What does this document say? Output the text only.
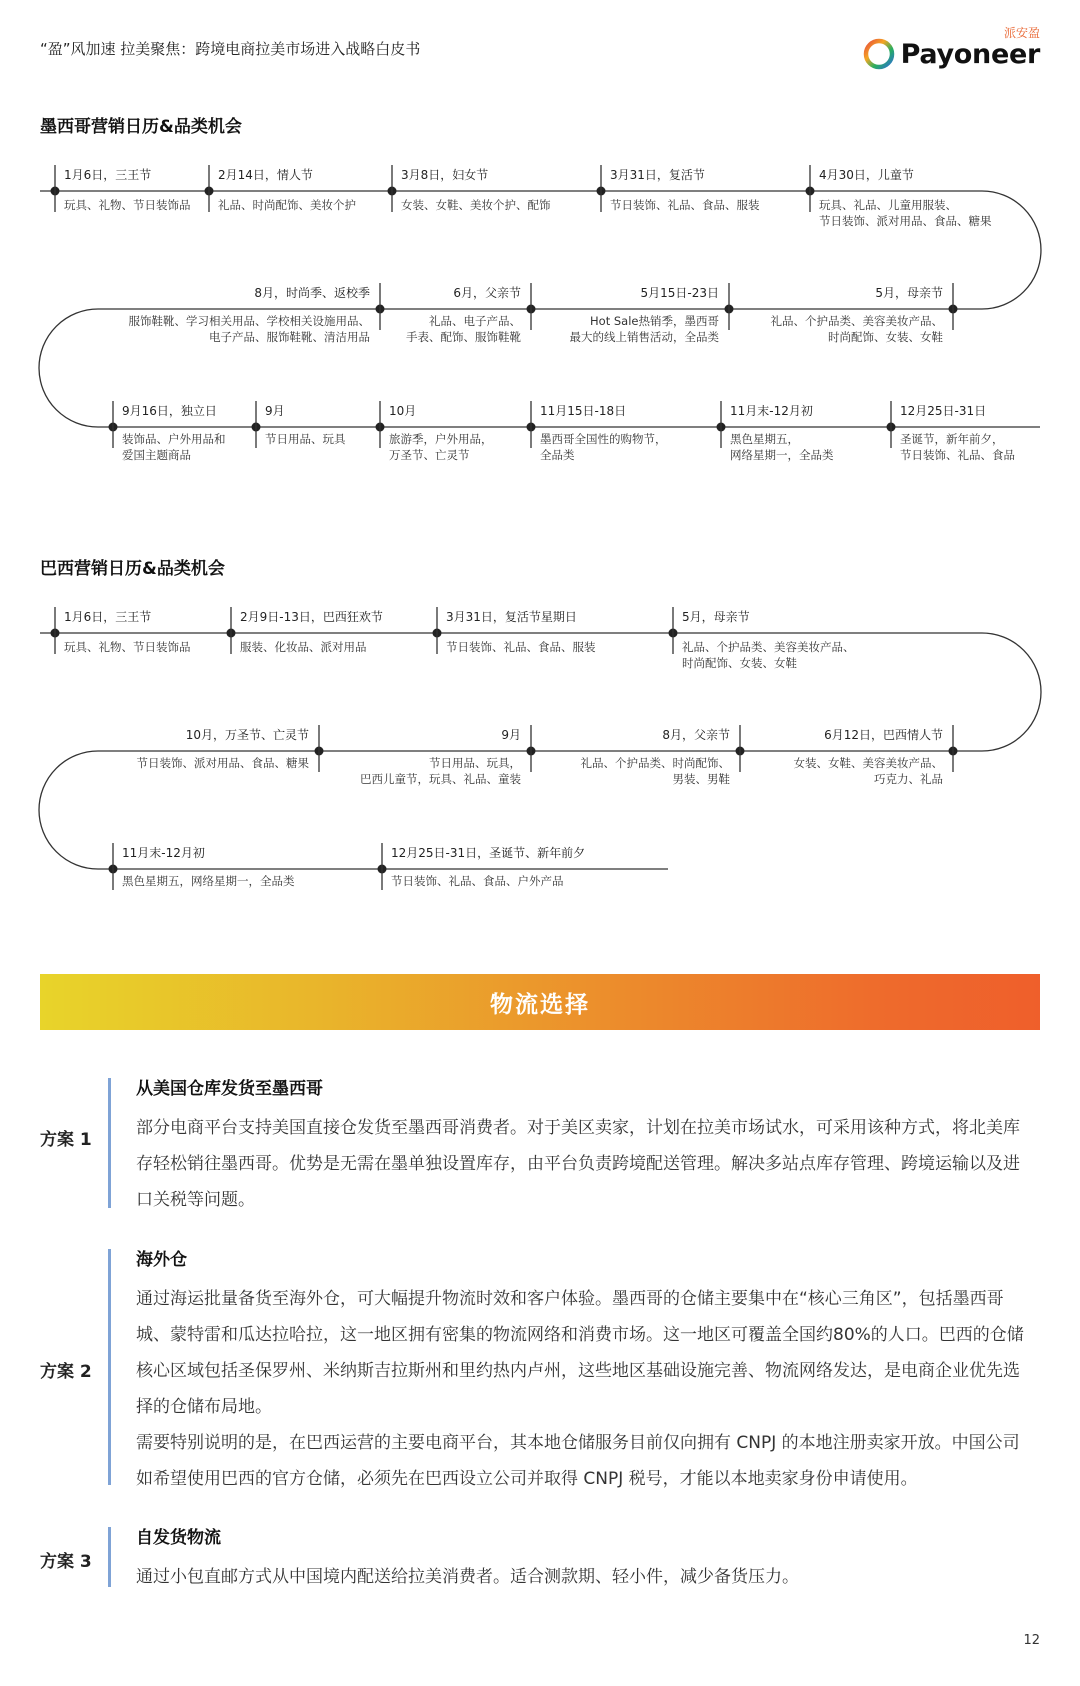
“盈”风加速 拉美聚焦：跨境电商拉美市场进入战略白皮书
派安盈
Payoneer
墨西哥营销日历&品类机会
1月6日，三王节
玩具、礼物、节日装饰品
2月14日，情人节
礼品、时尚配饰、美妆个护
3月8日，妇女节
女装、女鞋、美妆个护、配饰
3月31日，复活节
节日装饰、礼品、食品、服装
4月30日，儿童节
玩具、礼品、儿童用服装、
节日装饰、派对用品、食品、糖果
8月，时尚季、返校季
服饰鞋靴、学习相关用品、学校相关设施用品、
电子产品、服饰鞋靴、清洁用品
6月，父亲节
礼品、电子产品、
手表、配饰、服饰鞋靴
5月15日-23日
Hot Sale热销季，墨西哥
最大的线上销售活动，全品类
5月，母亲节
礼品、个护品类、美容美妆产品、
时尚配饰、女装、女鞋
9月16日，独立日
装饰品、户外用品和
爱国主题商品
9月
节日用品、玩具
10月
旅游季，户外用品，
万圣节、亡灵节
11月15日-18日
墨西哥全国性的购物节，
全品类
11月末-12月初
黑色星期五，
网络星期一，全品类
12月25日-31日
圣诞节，新年前夕，
节日装饰、礼品、食品
巴西营销日历&品类机会
1月6日，三王节
玩具、礼物、节日装饰品
2月9日-13日，巴西狂欢节
服装、化妆品、派对用品
3月31日，复活节星期日
节日装饰、礼品、食品、服装
5月，母亲节
礼品、个护品类、美容美妆产品、
时尚配饰、女装、女鞋
10月，万圣节、亡灵节
节日装饰、派对用品、食品、糖果
9月
节日用品、玩具，
巴西儿童节，玩具、礼品、童装
8月，父亲节
礼品、个护品类、时尚配饰、
男装、男鞋
6月12日，巴西情人节
女装、女鞋、美容美妆产品、
巧克力、礼品
11月末-12月初
黑色星期五，网络星期一，全品类
12月25日-31日，圣诞节、新年前夕
节日装饰、礼品、食品、户外产品
物流选择
方案 1

从美国仓库发货至墨西哥

部分电商平台支持美国直接仓发货至墨西哥消费者。对于美区卖家，计划在拉美市场试水，可采用该种方式，将北美库存轻松销往墨西哥。优势是无需在墨单独设置库存，由平台负责跨境配送管理。解决多站点库存管理、跨境运输以及进口关税等问题。

方案 2

海外仓

通过海运批量备货至海外仓，可大幅提升物流时效和客户体验。墨西哥的仓储主要集中在“核心三角区”，包括墨西哥城、蒙特雷和瓜达拉哈拉，这一地区拥有密集的物流网络和消费市场。这一地区可覆盖全国约80%的人口。巴西的仓储核心区域包括圣保罗州、米纳斯吉拉斯州和里约热内卢州，这些地区基础设施完善、物流网络发达，是电商企业优先选择的仓储布局地。

需要特别说明的是，在巴西运营的主要电商平台，其本地仓储服务目前仅向拥有 CNPJ 的本地注册卖家开放。中国公司如希望使用巴西的官方仓储，必须先在巴西设立公司并取得 CNPJ 税号，才能以本地卖家身份申请使用。

方案 3

自发货物流

通过小包直邮方式从中国境内配送给拉美消费者。适合测款期、轻小件，减少备货压力。

12
